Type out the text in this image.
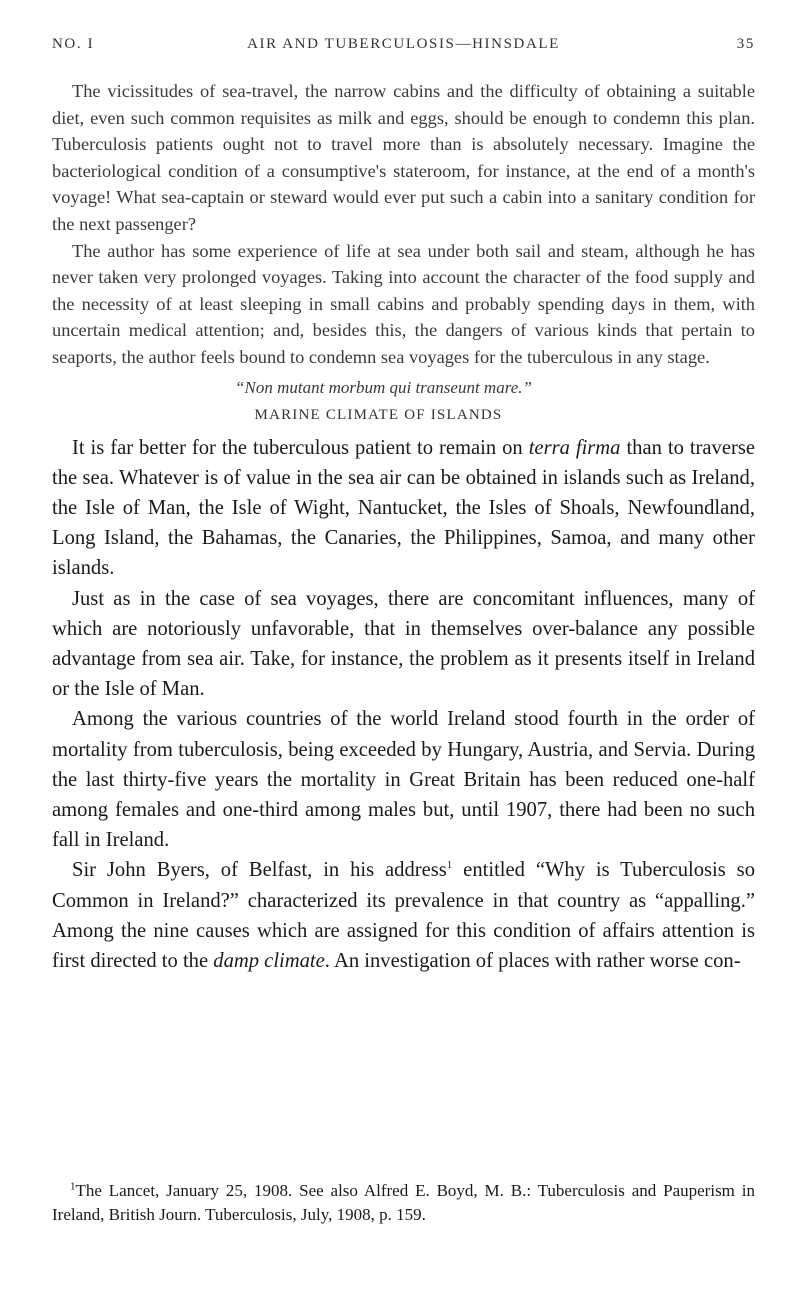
NO. I	AIR AND TUBERCULOSIS—HINSDALE	35

The vicissitudes of sea-travel, the narrow cabins and the difficulty of obtaining a suitable diet, even such common requisites as milk and eggs, should be enough to condemn this plan. Tuberculosis patients ought not to travel more than is absolutely necessary. Imagine the bacteriological condition of a consumptive's stateroom, for instance, at the end of a month's voyage! What sea-captain or steward would ever put such a cabin into a sanitary condition for the next passenger?

The author has some experience of life at sea under both sail and steam, although he has never taken very prolonged voyages. Taking into account the character of the food supply and the necessity of at least sleeping in small cabins and probably spending days in them, with uncertain medical attention; and, besides this, the dangers of various kinds that pertain to seaports, the author feels bound to condemn sea voyages for the tuberculous in any stage.

“Non mutant morbum qui transeunt mare.”

MARINE CLIMATE OF ISLANDS

It is far better for the tuberculous patient to remain on terra firma than to traverse the sea. Whatever is of value in the sea air can be obtained in islands such as Ireland, the Isle of Man, the Isle of Wight, Nantucket, the Isles of Shoals, Newfoundland, Long Island, the Bahamas, the Canaries, the Philippines, Samoa, and many other islands.

Just as in the case of sea voyages, there are concomitant influences, many of which are notoriously unfavorable, that in themselves over-balance any possible advantage from sea air. Take, for instance, the problem as it presents itself in Ireland or the Isle of Man.

Among the various countries of the world Ireland stood fourth in the order of mortality from tuberculosis, being exceeded by Hungary, Austria, and Servia. During the last thirty-five years the mortality in Great Britain has been reduced one-half among females and one-third among males but, until 1907, there had been no such fall in Ireland.

Sir John Byers, of Belfast, in his address$^1$ entitled “Why is Tuberculosis so Common in Ireland?” characterized its prevalence in that country as “appalling.” Among the nine causes which are assigned for this condition of affairs attention is first directed to the damp climate. An investigation of places with rather worse con-

$^1$The Lancet, January 25, 1908. See also Alfred E. Boyd, M. B.: Tuberculosis and Pauperism in Ireland, British Journ. Tuberculosis, July, 1908, p. 159.
